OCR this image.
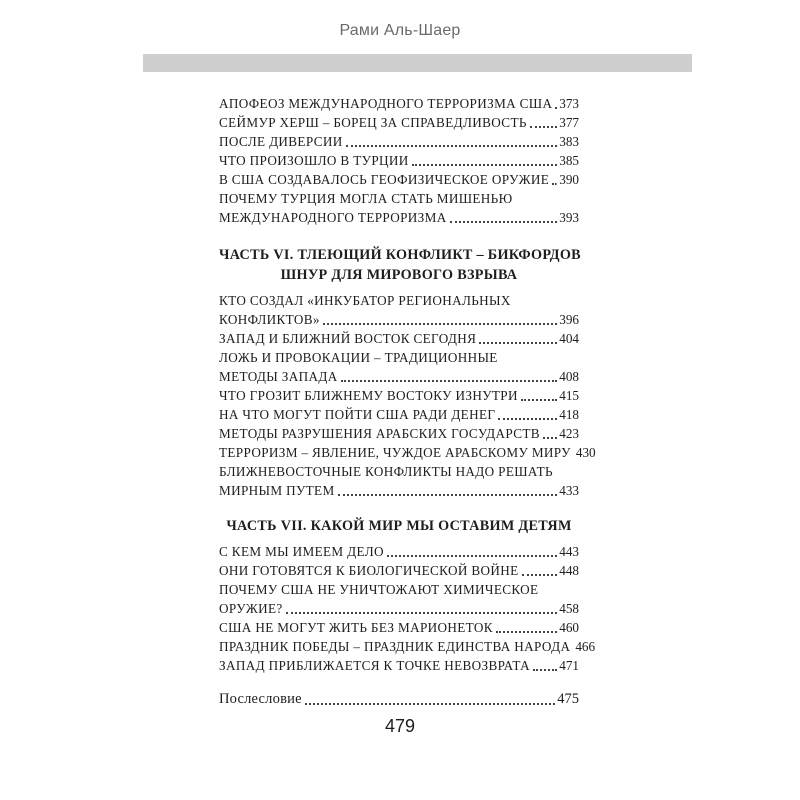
Рами Аль-Шаер
АПОФЕОЗ МЕЖДУНАРОДНОГО ТЕРРОРИЗМА США 373
СЕЙМУР ХЕРШ – БОРЕЦ ЗА СПРАВЕДЛИВОСТЬ 377
ПОСЛЕ ДИВЕРСИИ	383
ЧТО ПРОИЗОШЛО В ТУРЦИИ	385
В США СОЗДАВАЛОСЬ ГЕОФИЗИЧЕСКОЕ ОРУЖИЕ 390
ПОЧЕМУ ТУРЦИЯ МОГЛА СТАТЬ МИШЕНЬЮ
МЕЖДУНАРОДНОГО ТЕРРОРИЗМА	393
ЧАСТЬ VI. ТЛЕЮЩИЙ КОНФЛИКТ – БИКФОРДОВ
ШНУР ДЛЯ МИРОВОГО ВЗРЫВА
КТО СОЗДАЛ «ИНКУБАТОР РЕГИОНАЛЬНЫХ
КОНФЛИКТОВ»	396
ЗАПАД И БЛИЖНИЙ ВОСТОК СЕГОДНЯ	404
ЛОЖЬ И ПРОВОКАЦИИ – ТРАДИЦИОННЫЕ
МЕТОДЫ ЗАПАДА	408
ЧТО ГРОЗИТ БЛИЖНЕМУ ВОСТОКУ ИЗНУТРИ	415
НА ЧТО МОГУТ ПОЙТИ США РАДИ ДЕНЕГ	418
МЕТОДЫ РАЗРУШЕНИЯ АРАБСКИХ ГОСУДАРСТВ 423
ТЕРРОРИЗМ – ЯВЛЕНИЕ, ЧУЖДОЕ АРАБСКОМУ МИРУ 430
БЛИЖНЕВОСТОЧНЫЕ КОНФЛИКТЫ НАДО РЕШАТЬ
МИРНЫМ ПУТЕМ	433
ЧАСТЬ VII. КАКОЙ МИР МЫ ОСТАВИМ ДЕТЯМ
С КЕМ МЫ ИМЕЕМ ДЕЛО	443
ОНИ ГОТОВЯТСЯ К БИОЛОГИЧЕСКОЙ ВОЙНЕ	448
ПОЧЕМУ США НЕ УНИЧТОЖАЮТ ХИМИЧЕСКОЕ
ОРУЖИЕ?	458
США НЕ МОГУТ ЖИТЬ БЕЗ МАРИОНЕТОК	460
ПРАЗДНИК ПОБЕДЫ – ПРАЗДНИК ЕДИНСТВА НАРОДА 466
ЗАПАД ПРИБЛИЖАЕТСЯ К ТОЧКЕ НЕВОЗВРАТА 471
Послесловие	475
479
